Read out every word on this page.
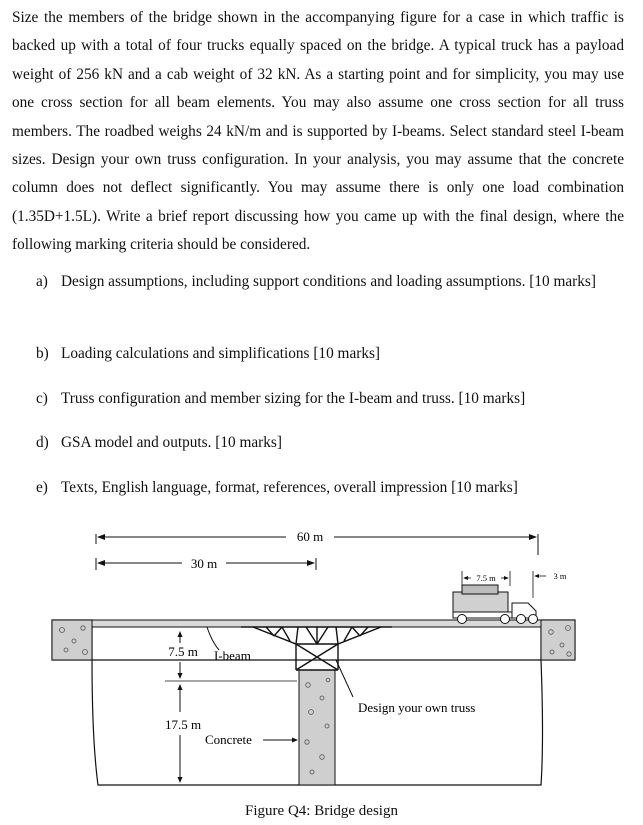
Size the members of the bridge shown in the accompanying figure for a case in which traffic is backed up with a total of four trucks equally spaced on the bridge. A typical truck has a payload weight of 256 kN and a cab weight of 32 kN. As a starting point and for simplicity, you may use one cross section for all beam elements. You may also assume one cross section for all truss members. The roadbed weighs 24 kN/m and is supported by I-beams. Select standard steel I-beam sizes. Design your own truss configuration. In your analysis, you may assume that the concrete column does not deflect significantly. You may assume there is only one load combination (1.35D+1.5L). Write a brief report discussing how you came up with the final design, where the following marking criteria should be considered.

a) Design assumptions, including support conditions and loading assumptions. [10 marks]
b) Loading calculations and simplifications [10 marks]
c) Truss configuration and member sizing for the I-beam and truss. [10 marks]
d) GSA model and outputs. [10 marks]
e) Texts, English language, format, references, overall impression [10 marks]
60 m
30 m
7.5 m	3 m
7.5 m
17.5 m
I-beam
Concrete
Design your own truss
Figure Q4: Bridge design
